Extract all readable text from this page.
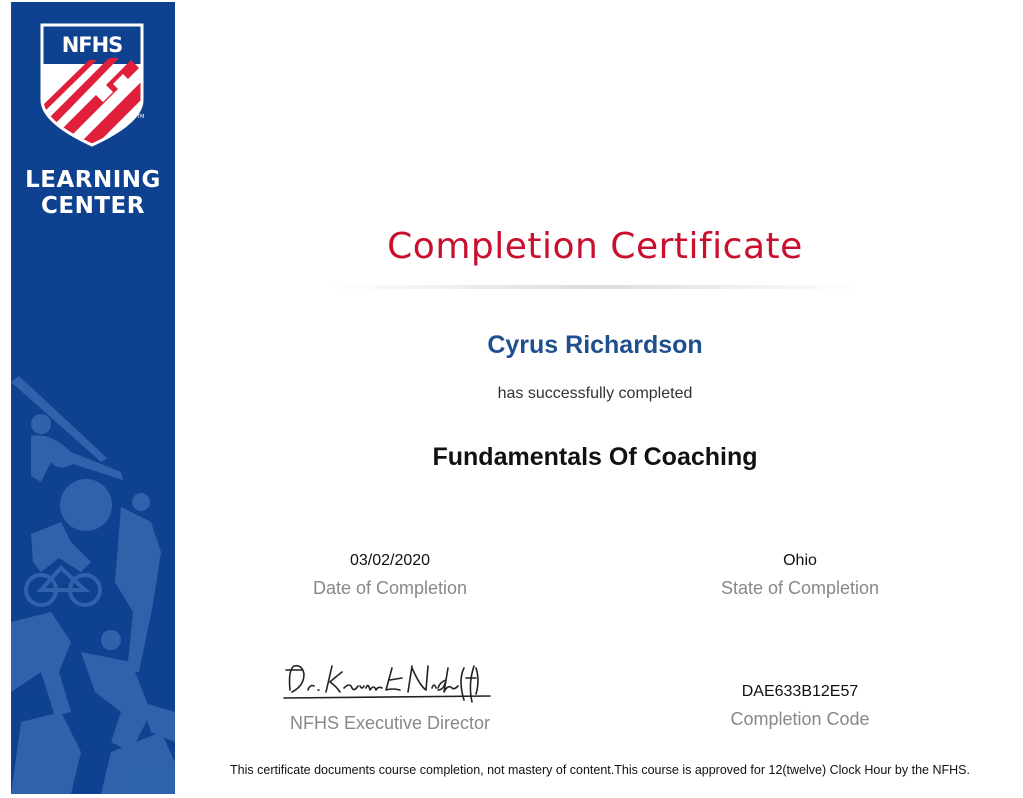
NFHS
TM
LEARNING
CENTER
Completion Certificate
Cyrus Richardson
has successfully completed
Fundamentals Of Coaching
03/02/2020
Date of Completion
Ohio
State of Completion
NFHS Executive Director
DAE633B12E57
Completion Code
This certificate documents course completion, not mastery of content.This course is approved for 12(twelve) Clock Hour by the NFHS.
